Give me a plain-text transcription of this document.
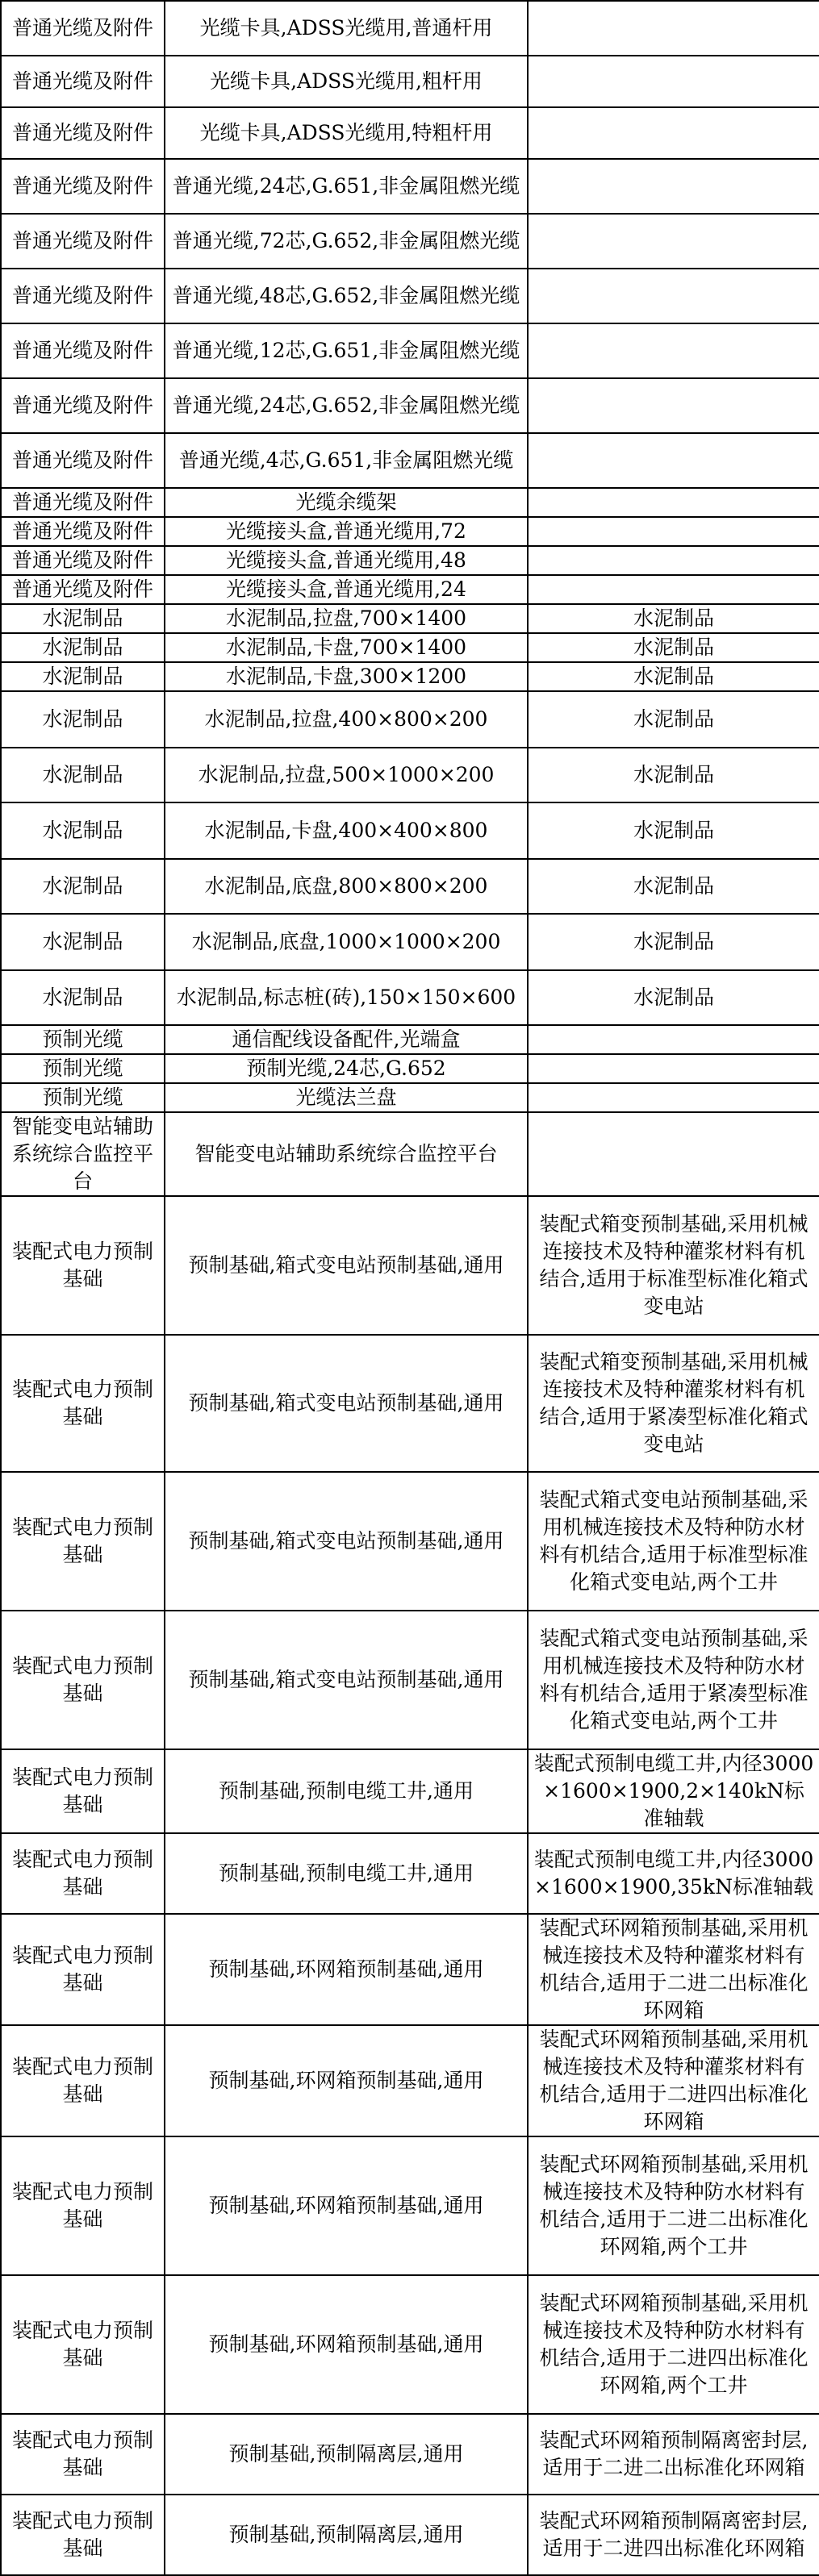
普通光缆及附件	光缆卡具,ADSS光缆用,普通杆用	
普通光缆及附件	光缆卡具,ADSS光缆用,粗杆用	
普通光缆及附件	光缆卡具,ADSS光缆用,特粗杆用	
普通光缆及附件	普通光缆,24芯,G.651,非金属阻燃光缆	
普通光缆及附件	普通光缆,72芯,G.652,非金属阻燃光缆	
普通光缆及附件	普通光缆,48芯,G.652,非金属阻燃光缆	
普通光缆及附件	普通光缆,12芯,G.651,非金属阻燃光缆	
普通光缆及附件	普通光缆,24芯,G.652,非金属阻燃光缆	
普通光缆及附件	普通光缆,4芯,G.651,非金属阻燃光缆	
普通光缆及附件	光缆余缆架	
普通光缆及附件	光缆接头盒,普通光缆用,72	
普通光缆及附件	光缆接头盒,普通光缆用,48	
普通光缆及附件	光缆接头盒,普通光缆用,24	
水泥制品	水泥制品,拉盘,700×1400	水泥制品
水泥制品	水泥制品,卡盘,700×1400	水泥制品
水泥制品	水泥制品,卡盘,300×1200	水泥制品
水泥制品	水泥制品,拉盘,400×800×200	水泥制品
水泥制品	水泥制品,拉盘,500×1000×200	水泥制品
水泥制品	水泥制品,卡盘,400×400×800	水泥制品
水泥制品	水泥制品,底盘,800×800×200	水泥制品
水泥制品	水泥制品,底盘,1000×1000×200	水泥制品
水泥制品	水泥制品,标志桩(砖),150×150×600	水泥制品
预制光缆	通信配线设备配件,光端盒	
预制光缆	预制光缆,24芯,G.652	
预制光缆	光缆法兰盘	
智能变电站辅助系统综合监控平台	智能变电站辅助系统综合监控平台	
装配式电力预制基础	预制基础,箱式变电站预制基础,通用	装配式箱变预制基础,采用机械连接技术及特种灌浆材料有机结合,适用于标准型标准化箱式变电站
装配式电力预制基础	预制基础,箱式变电站预制基础,通用	装配式箱变预制基础,采用机械连接技术及特种灌浆材料有机结合,适用于紧凑型标准化箱式变电站
装配式电力预制基础	预制基础,箱式变电站预制基础,通用	装配式箱式变电站预制基础,采用机械连接技术及特种防水材料有机结合,适用于标准型标准化箱式变电站,两个工井
装配式电力预制基础	预制基础,箱式变电站预制基础,通用	装配式箱式变电站预制基础,采用机械连接技术及特种防水材料有机结合,适用于紧凑型标准化箱式变电站,两个工井
装配式电力预制基础	预制基础,预制电缆工井,通用	装配式预制电缆工井,内径3000×1600×1900,2×140kN标准轴载
装配式电力预制基础	预制基础,预制电缆工井,通用	装配式预制电缆工井,内径3000×1600×1900,35kN标准轴载
装配式电力预制基础	预制基础,环网箱预制基础,通用	装配式环网箱预制基础,采用机械连接技术及特种灌浆材料有机结合,适用于二进二出标准化环网箱
装配式电力预制基础	预制基础,环网箱预制基础,通用	装配式环网箱预制基础,采用机械连接技术及特种灌浆材料有机结合,适用于二进四出标准化环网箱
装配式电力预制基础	预制基础,环网箱预制基础,通用	装配式环网箱预制基础,采用机械连接技术及特种防水材料有机结合,适用于二进二出标准化环网箱,两个工井
装配式电力预制基础	预制基础,环网箱预制基础,通用	装配式环网箱预制基础,采用机械连接技术及特种防水材料有机结合,适用于二进四出标准化环网箱,两个工井
装配式电力预制基础	预制基础,预制隔离层,通用	装配式环网箱预制隔离密封层,适用于二进二出标准化环网箱
装配式电力预制基础	预制基础,预制隔离层,通用	装配式环网箱预制隔离密封层,适用于二进四出标准化环网箱
